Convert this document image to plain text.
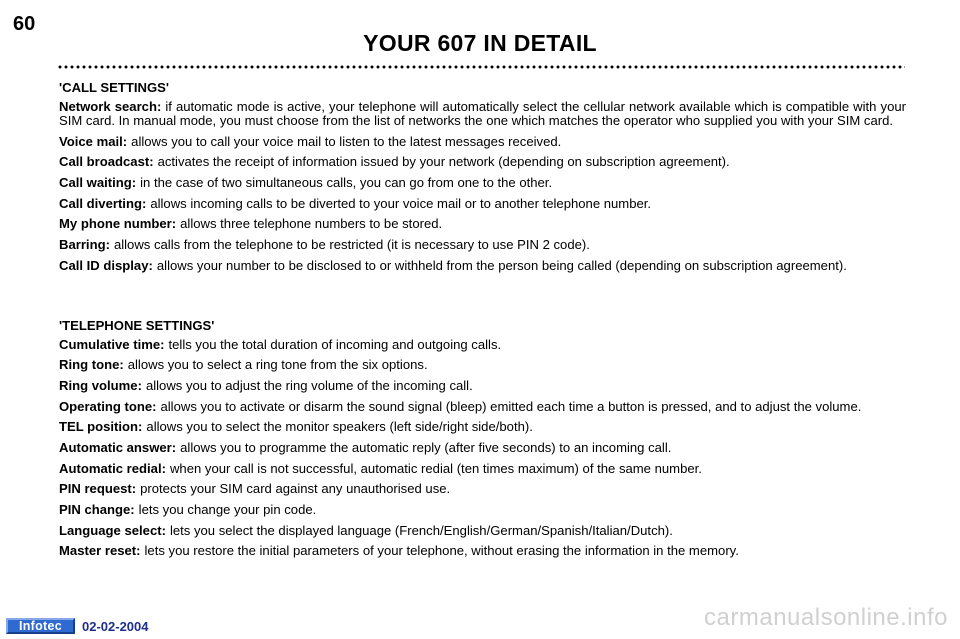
60
YOUR 607 IN DETAIL
'CALL SETTINGS'
Network search: if automatic mode is active, your telephone will automatically select the cellular network available which is compatible with your SIM card. In manual mode, you must choose from the list of networks the one which matches the operator who supplied you with your SIM card.
Voice mail: allows you to call your voice mail to listen to the latest messages received.
Call broadcast: activates the receipt of information issued by your network (depending on subscription agreement).
Call waiting: in the case of two simultaneous calls, you can go from one to the other.
Call diverting: allows incoming calls to be diverted to your voice mail or to another telephone number.
My phone number: allows three telephone numbers to be stored.
Barring: allows calls from the telephone to be restricted (it is necessary to use PIN 2 code).
Call ID display: allows your number to be disclosed to or withheld from the person being called (depending on subscription agreement).
'TELEPHONE SETTINGS'
Cumulative time: tells you the total duration of incoming and outgoing calls.
Ring tone: allows you to select a ring tone from the six options.
Ring volume: allows you to adjust the ring volume of the incoming call.
Operating tone: allows you to activate or disarm the sound signal (bleep) emitted each time a button is pressed, and to adjust the volume.
TEL position: allows you to select the monitor speakers (left side/right side/both).
Automatic answer: allows you to programme the automatic reply (after five seconds) to an incoming call.
Automatic redial: when your call is not successful, automatic redial (ten times maximum) of the same number.
PIN request: protects your SIM card against any unauthorised use.
PIN change: lets you change your pin code.
Language select: lets you select the displayed language (French/English/German/Spanish/Italian/Dutch).
Master reset: lets you restore the initial parameters of your telephone, without erasing the information in the memory.
Infotec	02-02-2004	carmanualsonline.info
